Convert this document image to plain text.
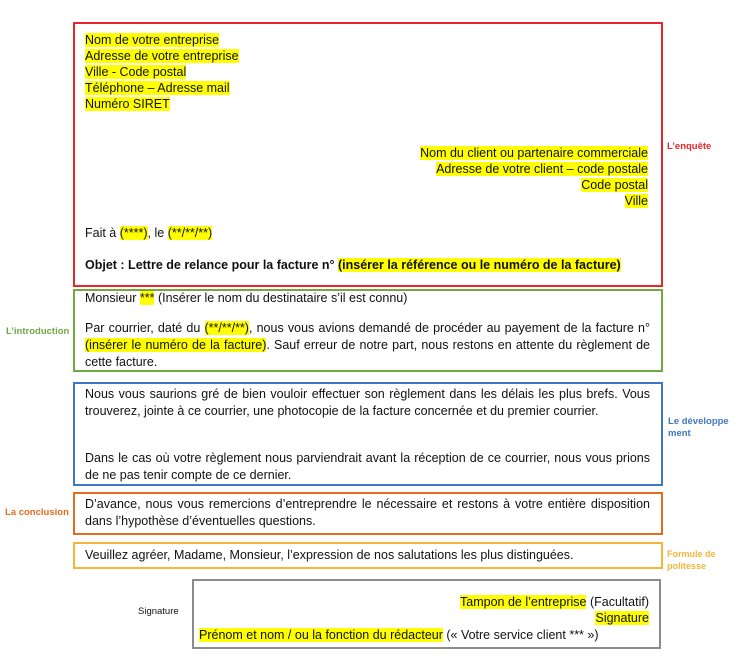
Nom de votre entreprise
Adresse de votre entreprise
Ville - Code postal
Téléphone – Adresse mail
Numéro SIRET
Nom du client ou partenaire commerciale
Adresse de votre client – code postale
Code postal
Ville
Fait à (****), le (**/**/**)
Objet : Lettre de relance pour la facture n° (insérer la référence ou le numéro de la facture)
L’enquête
Monsieur *** (Insérer le nom du destinataire s’il est connu)
Par courrier, daté du (**/**/**), nous vous avions demandé de procéder au payement de la facture n° (insérer le numéro de la facture). Sauf erreur de notre part, nous restons en attente du règlement de cette facture.
L’introduction
Nous vous saurions gré de bien vouloir effectuer son règlement dans les délais les plus brefs. Vous trouverez, jointe à ce courrier, une photocopie de la facture concernée et du premier courrier.
Dans le cas où votre règlement nous parviendrait avant la réception de ce courrier, nous vous prions de ne pas tenir compte de ce dernier.
Le développement
D’avance, nous vous remercions d’entreprendre le nécessaire et restons à votre entière disposition dans l’hypothèse d’éventuelles questions.
La conclusion
Veuillez agréer, Madame, Monsieur, l’expression de nos salutations les plus distinguées.	Formule de politesse
Tampon de l’entreprise (Facultatif)
Signature
Prénom et nom / ou la fonction du rédacteur (« Votre service client *** »)
Signature
